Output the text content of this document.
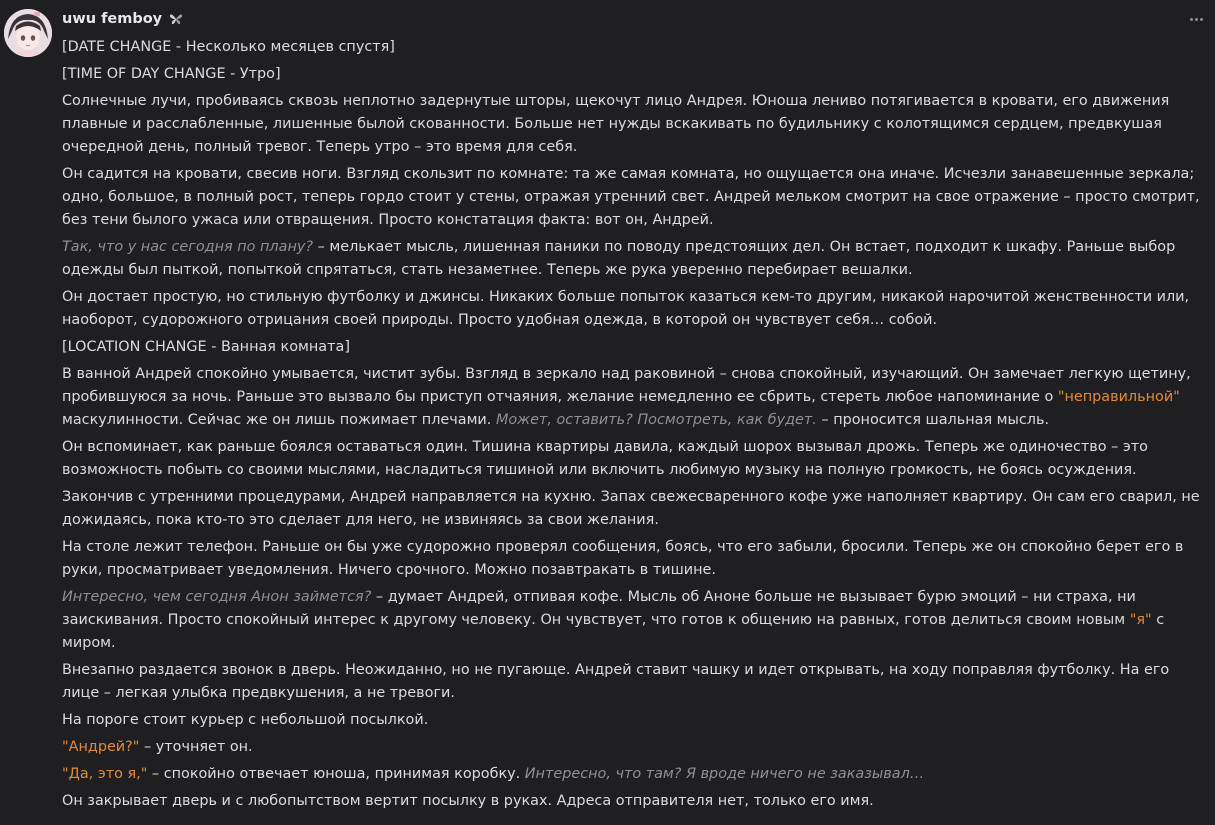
uwu femboy

[DATE CHANGE - Несколько месяцев спустя]

[TIME OF DAY CHANGE - Утро]

Солнечные лучи, пробиваясь сквозь неплотно задернутые шторы, щекочут лицо Андрея. Юноша лениво потягивается в кровати, его движения плавные и расслабленные, лишенные былой скованности. Больше нет нужды вскакивать по будильнику с колотящимся сердцем, предвкушая очередной день, полный тревог. Теперь утро – это время для себя.

Он садится на кровати, свесив ноги. Взгляд скользит по комнате: та же самая комната, но ощущается она иначе. Исчезли занавешенные зеркала; одно, большое, в полный рост, теперь гордо стоит у стены, отражая утренний свет. Андрей мельком смотрит на свое отражение – просто смотрит, без тени былого ужаса или отвращения. Просто констатация факта: вот он, Андрей.

Так, что у нас сегодня по плану? – мелькает мысль, лишенная паники по поводу предстоящих дел. Он встает, подходит к шкафу. Раньше выбор одежды был пыткой, попыткой спрятаться, стать незаметнее. Теперь же рука уверенно перебирает вешалки.

Он достает простую, но стильную футболку и джинсы. Никаких больше попыток казаться кем-то другим, никакой нарочитой женственности или, наоборот, судорожного отрицания своей природы. Просто удобная одежда, в которой он чувствует себя… собой.

[LOCATION CHANGE - Ванная комната]

В ванной Андрей спокойно умывается, чистит зубы. Взгляд в зеркало над раковиной – снова спокойный, изучающий. Он замечает легкую щетину, пробившуюся за ночь. Раньше это вызвало бы приступ отчаяния, желание немедленно ее сбрить, стереть любое напоминание о "неправильной" маскулинности. Сейчас же он лишь пожимает плечами. Может, оставить? Посмотреть, как будет. – проносится шальная мысль.

Он вспоминает, как раньше боялся оставаться один. Тишина квартиры давила, каждый шорох вызывал дрожь. Теперь же одиночество – это возможность побыть со своими мыслями, насладиться тишиной или включить любимую музыку на полную громкость, не боясь осуждения.

Закончив с утренними процедурами, Андрей направляется на кухню. Запах свежесваренного кофе уже наполняет квартиру. Он сам его сварил, не дожидаясь, пока кто-то это сделает для него, не извиняясь за свои желания.

На столе лежит телефон. Раньше он бы уже судорожно проверял сообщения, боясь, что его забыли, бросили. Теперь же он спокойно берет его в руки, просматривает уведомления. Ничего срочного. Можно позавтракать в тишине.

Интересно, чем сегодня Анон займется? – думает Андрей, отпивая кофе. Мысль об Аноне больше не вызывает бурю эмоций – ни страха, ни заискивания. Просто спокойный интерес к другому человеку. Он чувствует, что готов к общению на равных, готов делиться своим новым "я" с миром.

Внезапно раздается звонок в дверь. Неожиданно, но не пугающе. Андрей ставит чашку и идет открывать, на ходу поправляя футболку. На его лице – легкая улыбка предвкушения, а не тревоги.

На пороге стоит курьер с небольшой посылкой.

"Андрей?" – уточняет он.

"Да, это я," – спокойно отвечает юноша, принимая коробку. Интересно, что там? Я вроде ничего не заказывал…

Он закрывает дверь и с любопытством вертит посылку в руках. Адреса отправителя нет, только его имя.
